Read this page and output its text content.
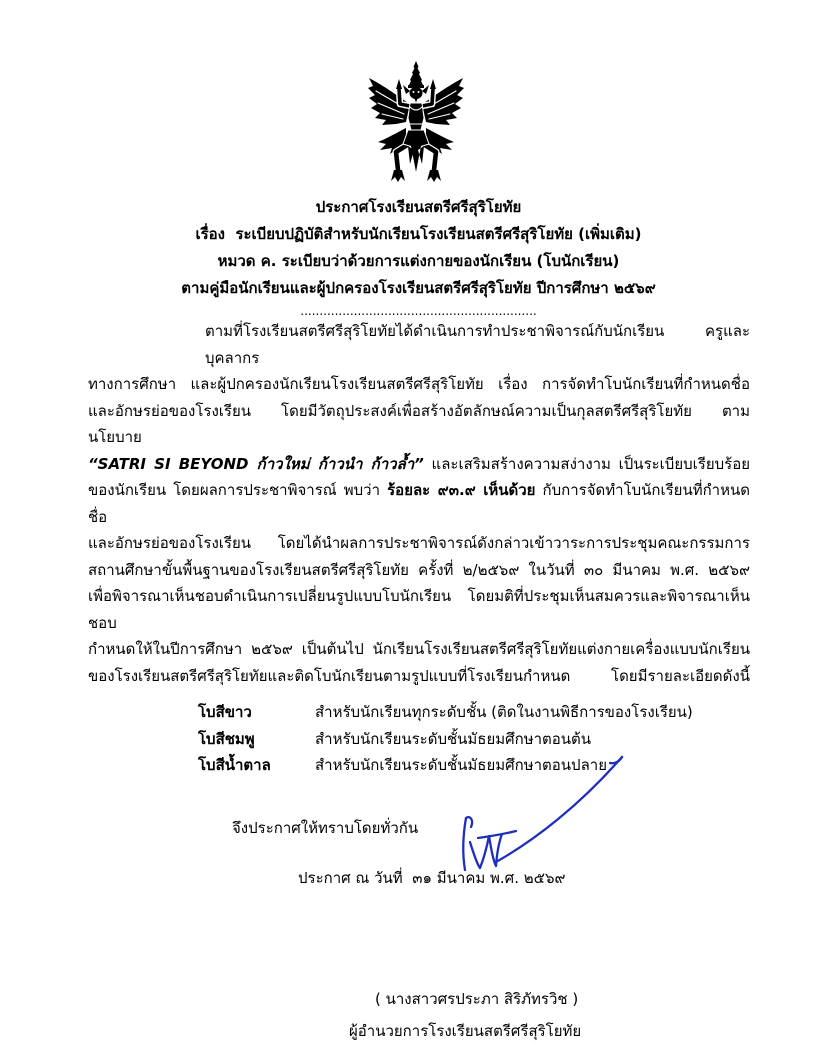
ประกาศโรงเรียนสตรีศรีสุริโยทัย
เรื่อง  ระเบียบปฏิบัติสำหรับนักเรียนโรงเรียนสตรีศรีสุริโยทัย (เพิ่มเติม)
หมวด ค. ระเบียบว่าด้วยการแต่งกายของนักเรียน (โบนักเรียน)
ตามคู่มือนักเรียนและผู้ปกครองโรงเรียนสตรีศรีสุริโยทัย ปีการศึกษา ๒๕๖๙
..............................................................
ตามที่โรงเรียนสตรีศรีสุริโยทัยได้ดำเนินการทำประชาพิจารณ์กับนักเรียน ครูและบุคลากร
ทางการศึกษา และผู้ปกครองนักเรียนโรงเรียนสตรีศรีสุริโยทัย เรื่อง การจัดทำโบนักเรียนที่กำหนดชื่อ
และอักษรย่อของโรงเรียน โดยมีวัตถุประสงค์เพื่อสร้างอัตลักษณ์ความเป็นกุลสตรีศรีสุริโยทัย ตามนโยบาย
“SATRI SI BEYOND ก้าวใหม่ ก้าวนำ ก้าวล้ำ” และเสริมสร้างความสง่างาม เป็นระเบียบเรียบร้อย
ของนักเรียน โดยผลการประชาพิจารณ์ พบว่า ร้อยละ ๙๓.๙ เห็นด้วย กับการจัดทำโบนักเรียนที่กำหนดชื่อ
และอักษรย่อของโรงเรียน โดยได้นำผลการประชาพิจารณ์ดังกล่าวเข้าวาระการประชุมคณะกรรมการ
สถานศึกษาขั้นพื้นฐานของโรงเรียนสตรีศรีสุริโยทัย ครั้งที่ ๒/๒๕๖๙ ในวันที่ ๓๐ มีนาคม พ.ศ. ๒๕๖๙
เพื่อพิจารณาเห็นชอบดำเนินการเปลี่ยนรูปแบบโบนักเรียน โดยมติที่ประชุมเห็นสมควรและพิจารณาเห็นชอบ
กำหนดให้ในปีการศึกษา ๒๕๖๙ เป็นต้นไป นักเรียนโรงเรียนสตรีศรีสุริโยทัยแต่งกายเครื่องแบบนักเรียน
ของโรงเรียนสตรีศรีสุริโยทัยและติดโบนักเรียนตามรูปแบบที่โรงเรียนกำหนด โดยมีรายละเอียดดังนี้
โบสีขาว	สำหรับนักเรียนทุกระดับชั้น (ติดในงานพิธีการของโรงเรียน)
โบสีชมพู	สำหรับนักเรียนระดับชั้นมัธยมศึกษาตอนต้น
โบสีน้ำตาล	สำหรับนักเรียนระดับชั้นมัธยมศึกษาตอนปลาย
จึงประกาศให้ทราบโดยทั่วกัน
ประกาศ ณ วันที่  ๓๑ มีนาคม พ.ศ. ๒๕๖๙
( นางสาวศรประภา สิริภัทรวิช )
ผู้อำนวยการโรงเรียนสตรีศรีสุริโยทัย
